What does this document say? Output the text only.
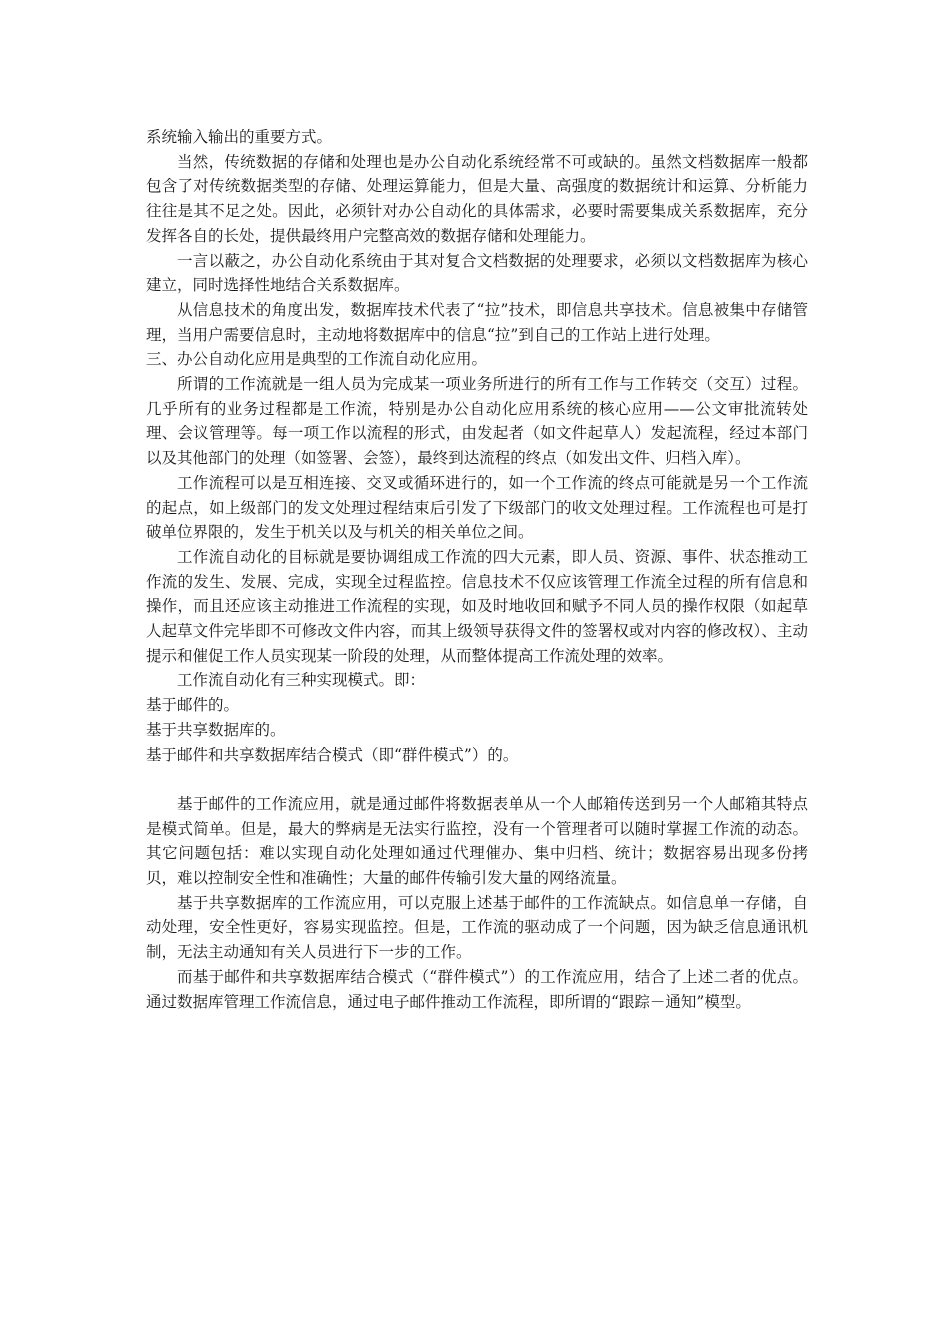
系统输入输出的重要方式。

当然，传统数据的存储和处理也是办公自动化系统经常不可或缺的。虽然文档数据库一般都包含了对传统数据类型的存储、处理运算能力，但是大量、高强度的数据统计和运算、分析能力往往是其不足之处。因此，必须针对办公自动化的具体需求，必要时需要集成关系数据库，充分发挥各自的长处，提供最终用户完整高效的数据存储和处理能力。

一言以蔽之，办公自动化系统由于其对复合文档数据的处理要求，必须以文档数据库为核心建立，同时选择性地结合关系数据库。

从信息技术的角度出发，数据库技术代表了“拉”技术，即信息共享技术。信息被集中存储管理，当用户需要信息时，主动地将数据库中的信息“拉”到自己的工作站上进行处理。

三、办公自动化应用是典型的工作流自动化应用。

所谓的工作流就是一组人员为完成某一项业务所进行的所有工作与工作转交（交互）过程。几乎所有的业务过程都是工作流，特别是办公自动化应用系统的核心应用——公文审批流转处理、会议管理等。每一项工作以流程的形式，由发起者（如文件起草人）发起流程，经过本部门以及其他部门的处理（如签署、会签），最终到达流程的终点（如发出文件、归档入库）。

工作流程可以是互相连接、交叉或循环进行的，如一个工作流的终点可能就是另一个工作流的起点，如上级部门的发文处理过程结束后引发了下级部门的收文处理过程。工作流程也可是打破单位界限的，发生于机关以及与机关的相关单位之间。

工作流自动化的目标就是要协调组成工作流的四大元素，即人员、资源、事件、状态推动工作流的发生、发展、完成，实现全过程监控。信息技术不仅应该管理工作流全过程的所有信息和操作，而且还应该主动推进工作流程的实现，如及时地收回和赋予不同人员的操作权限（如起草人起草文件完毕即不可修改文件内容，而其上级领导获得文件的签署权或对内容的修改权）、主动提示和催促工作人员实现某一阶段的处理，从而整体提高工作流处理的效率。

工作流自动化有三种实现模式。即：

基于邮件的。

基于共享数据库的。

基于邮件和共享数据库结合模式（即“群件模式”）的。

基于邮件的工作流应用，就是通过邮件将数据表单从一个人邮箱传送到另一个人邮箱其特点是模式简单。但是，最大的弊病是无法实行监控，没有一个管理者可以随时掌握工作流的动态。其它问题包括：难以实现自动化处理如通过代理催办、集中归档、统计；数据容易出现多份拷贝，难以控制安全性和准确性；大量的邮件传输引发大量的网络流量。

基于共享数据库的工作流应用，可以克服上述基于邮件的工作流缺点。如信息单一存储，自动处理，安全性更好，容易实现监控。但是，工作流的驱动成了一个问题，因为缺乏信息通讯机制，无法主动通知有关人员进行下一步的工作。

而基于邮件和共享数据库结合模式（“群件模式”）的工作流应用，结合了上述二者的优点。通过数据库管理工作流信息，通过电子邮件推动工作流程，即所谓的“跟踪－通知”模型。
